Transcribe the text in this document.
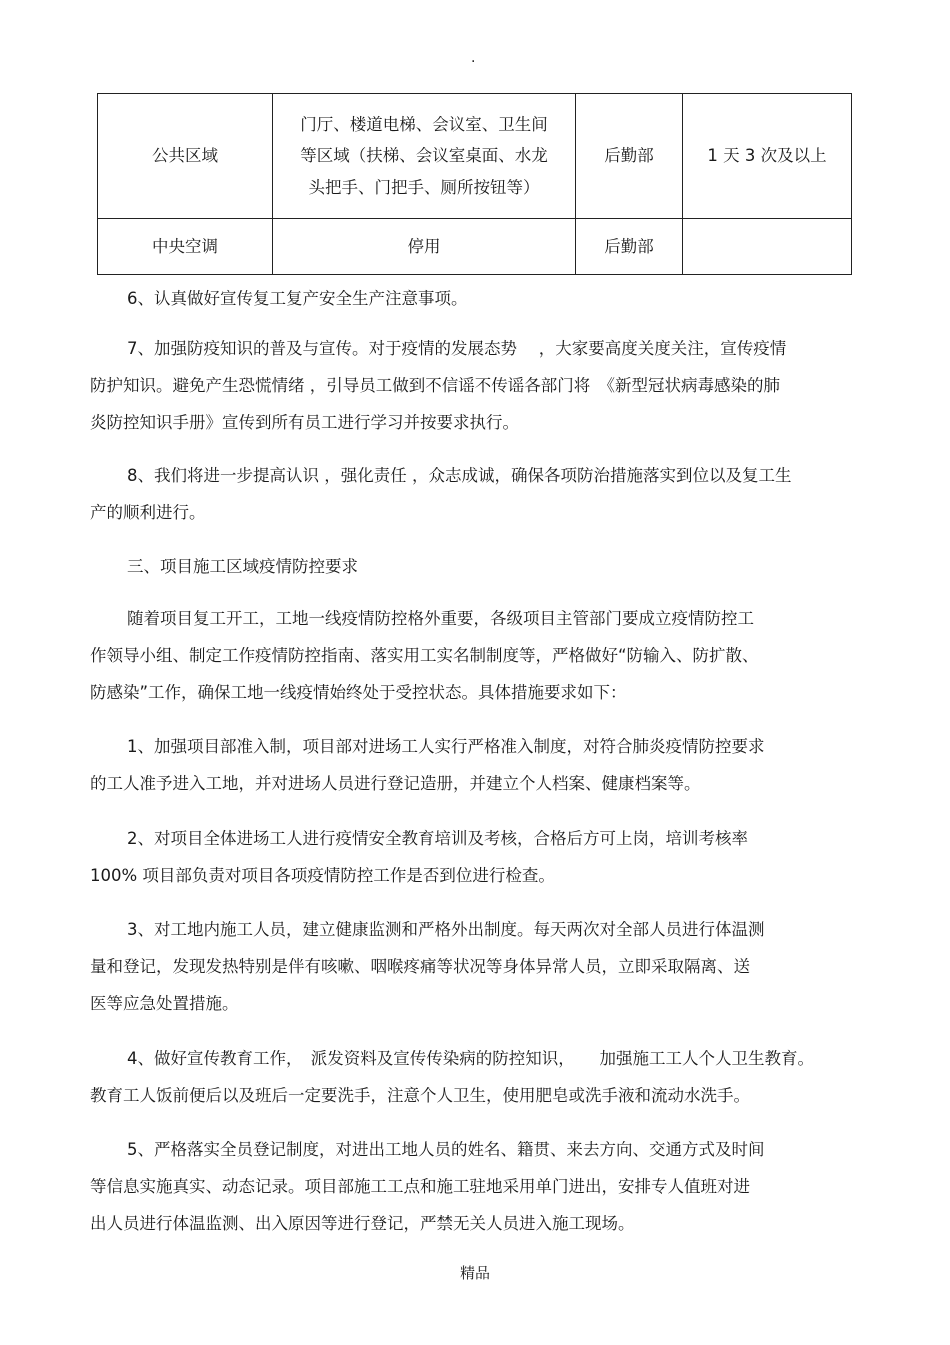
.
公共区域	门厅、楼道电梯、会议室、卫生间
等区域（扶梯、会议室桌面、水龙
头把手、门把手、厕所按钮等）	后勤部	1 天 3 次及以上
中央空调	停用	后勤部	

6、认真做好宣传复工复产安全生产注意事项。

7、加强防疫知识的普及与宣传。对于疫情的发展态势　 ，大家要高度关度关注，宣传疫情
防护知识。避免产生恐慌情绪 ，引导员工做到不信谣不传谣各部门将　《新型冠状病毒感染的肺
炎防控知识手册》宣传到所有员工进行学习并按要求执行。

8、我们将进一步提高认识 ，强化责任 ，众志成诚，确保各项防治措施落实到位以及复工生
产的顺利进行。

三、项目施工区域疫情防控要求

随着项目复工开工，工地一线疫情防控格外重要，各级项目主管部门要成立疫情防控工
作领导小组、制定工作疫情防控指南、落实用工实名制制度等，严格做好“防输入、防扩散、
防感染”工作，确保工地一线疫情始终处于受控状态。具体措施要求如下：

1、加强项目部准入制，项目部对进场工人实行严格准入制度，对符合肺炎疫情防控要求
的工人准予进入工地，并对进场人员进行登记造册，并建立个人档案、健康档案等。

2、对项目全体进场工人进行疫情安全教育培训及考核，合格后方可上岗，培训考核率
100% 项目部负责对项目各项疫情防控工作是否到位进行检查。

3、对工地内施工人员，建立健康监测和严格外出制度。每天两次对全部人员进行体温测
量和登记，发现发热特别是伴有咳嗽、咽喉疼痛等状况等身体异常人员，立即采取隔离、送
医等应急处置措施。

4、做好宣传教育工作，　派发资料及宣传传染病的防控知识，　　加强施工工人个人卫生教育。
教育工人饭前便后以及班后一定要洗手，注意个人卫生，使用肥皂或洗手液和流动水洗手。

5、严格落实全员登记制度，对进出工地人员的姓名、籍贯、来去方向、交通方式及时间
等信息实施真实、动态记录。项目部施工工点和施工驻地采用单门进出，安排专人值班对进
出人员进行体温监测、出入原因等进行登记，严禁无关人员进入施工现场。

精品
